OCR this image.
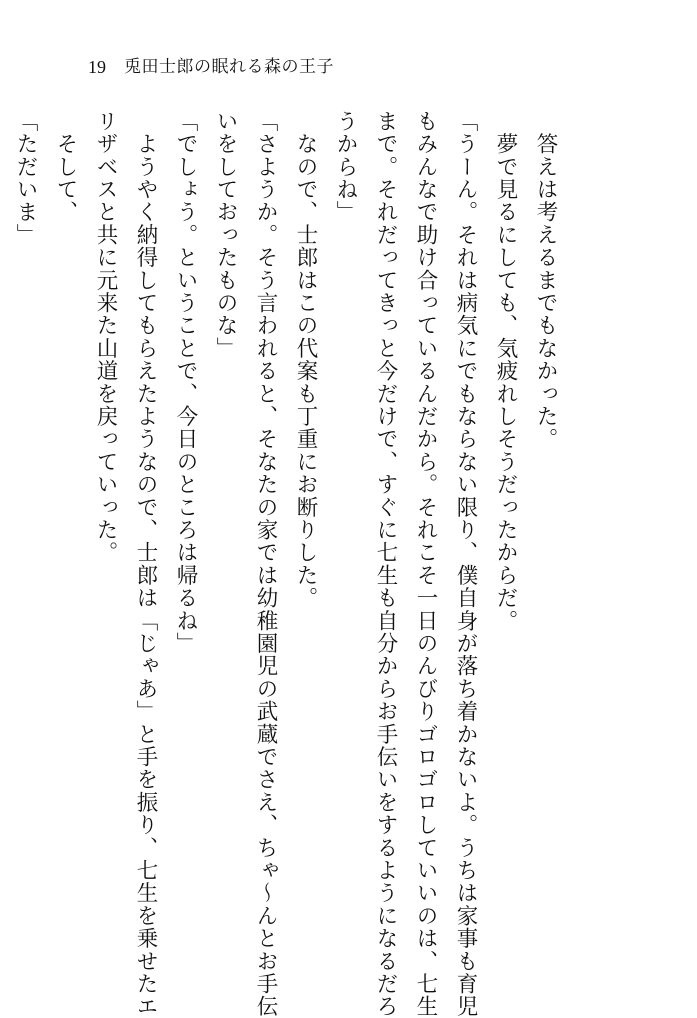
19 兎田士郎の眠れる森の王子
　答えは考えるまでもなかった。
　夢で見るにしても、気疲れしそうだったからだ。
「うーん。それは病気にでもならない限り、僕自身が落ち着かないよ。うちは家事も育児
もみんなで助け合っているんだから。それこそ一日のんびりゴロゴロしていいのは、七生
まで。それだってきっと今だけで、すぐに七生も自分からお手伝いをするようになるだろ
うからね」
　なので、士郎はこの代案も丁重にお断りした。
「さようか。そう言われると、そなたの家では幼稚園児の武蔵でさえ、ちゃ～んとお手伝
いをしておったものな」
「でしょう。ということで、今日のところは帰るね」
　ようやく納得してもらえたようなので、士郎は「じゃあ」と手を振り、七生を乗せたエ
リザベスと共に元来た山道を戻っていった。
　そして、
「ただいま」
